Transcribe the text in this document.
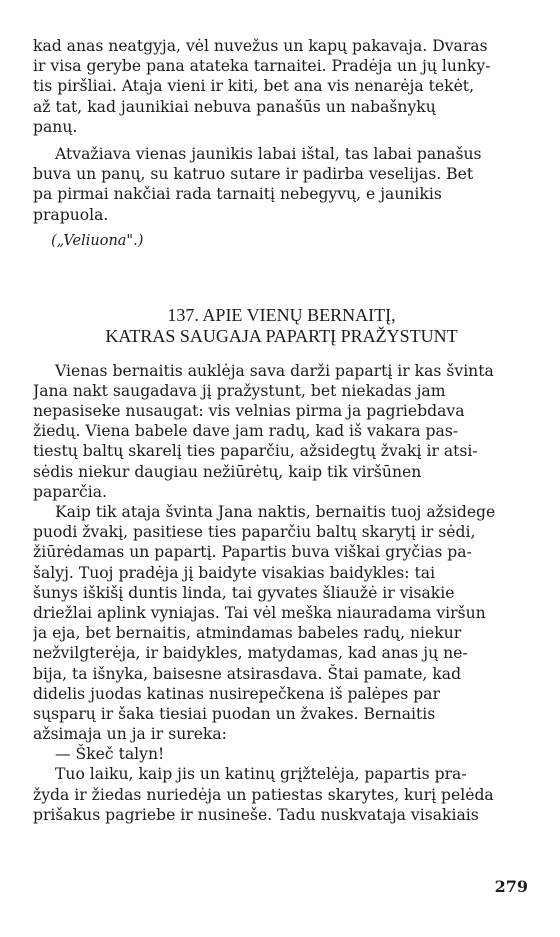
kad anas neatgyja, vėl nuvežus un kapų pakavaja. Dvaras
ir visa gerybe pana atateka tarnaitei. Pradėja un jų lunky-
tis piršliai. Ataja vieni ir kiti, bet ana vis nenarėja tekėt,
až tat, kad jaunikiai nebuva panašūs un nabašnykų
panų.
Atvažiava vienas jaunikis labai ištal, tas labai panašus
buva un panų, su katruo sutare ir padirba veselijas. Bet
pa pirmai nakčiai rada tarnaitį nebegyvų, e jaunikis
prapuola.
(„Veliuona".)
137. APIE VIENŲ BERNAITĮ,
KATRAS SAUGAJA PAPARTĮ PRAŽYSTUNT
Vienas bernaitis auklėja sava darži papartį ir kas švinta
Jana nakt saugadava jį pražystunt, bet niekadas jam
nepasiseke nusaugat: vis velnias pirma ja pagriebdava
žiedų. Viena babele dave jam radų, kad iš vakara pas-
tiestų baltų skarelį ties paparčiu, ažsidegtų žvakį ir atsi-
sėdis niekur daugiau nežiūrėtų, kaip tik viršūnen
paparčia.
Kaip tik ataja švinta Jana naktis, bernaitis tuoj ažsidege
puodi žvakį, pasitiese ties paparčiu baltų skarytį ir sėdi,
žiūrėdamas un papartį. Papartis buva viškai gryčias pa-
šalyj. Tuoj pradėja jį baidyte visakias baidykles: tai
šunys iškišį duntis linda, tai gyvates šliaužė ir visakie
driežlai aplink vyniajas. Tai vėl meška niauradama viršun
ja eja, bet bernaitis, atmindamas babeles radų, niekur
nežvilgterėja, ir baidykles, matydamas, kad anas jų ne-
bija, ta išnyka, baisesne atsirasdava. Štai pamate, kad
didelis juodas katinas nusirepečkena iš palėpes par
sųsparų ir šaka tiesiai puodan un žvakes. Bernaitis
ažsimaja un ja ir sureka:
— Škeč talyn!
Tuo laiku, kaip jis un katinų grįžtelėja, papartis pra-
žyda ir žiedas nuriedėja un patiestas skarytes, kurį pelėda
prišakus pagriebe ir nusineše. Tadu nuskvataja visakiais
279
